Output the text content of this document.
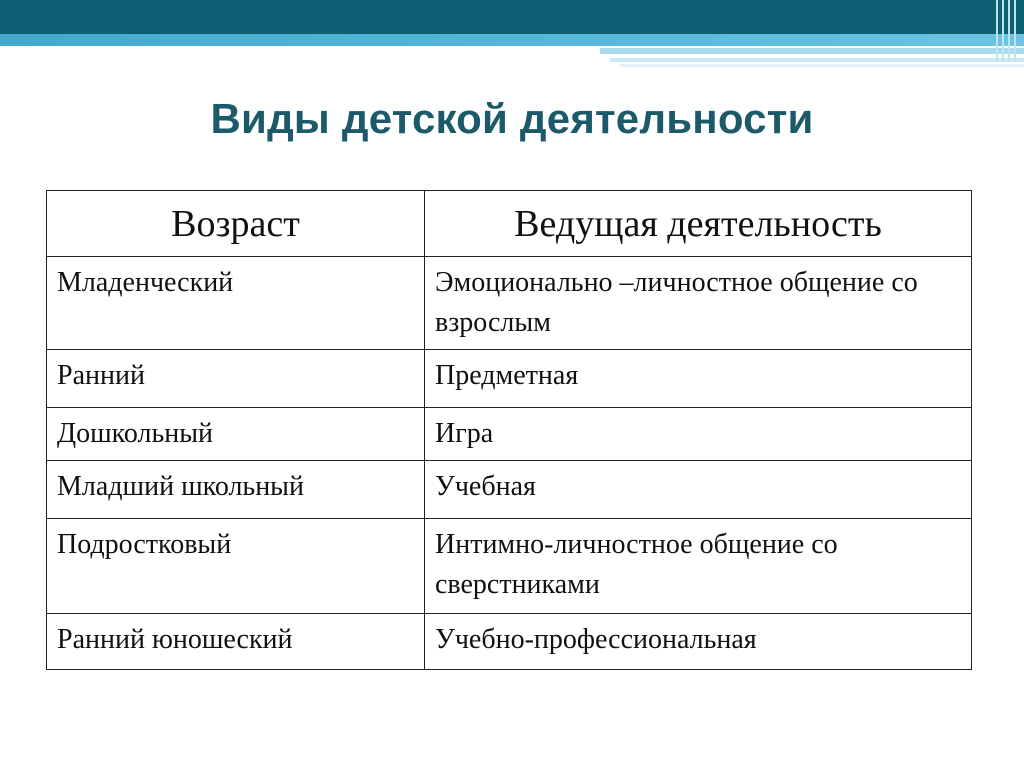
Виды детской деятельности
Возраст	Ведущая деятельность
Младенческий	Эмоционально –личностное общение со взрослым
Ранний	Предметная
Дошкольный	Игра
Младший школьный	Учебная
Подростковый	Интимно-личностное общение со сверстниками
Ранний юношеский	Учебно-профессиональная
